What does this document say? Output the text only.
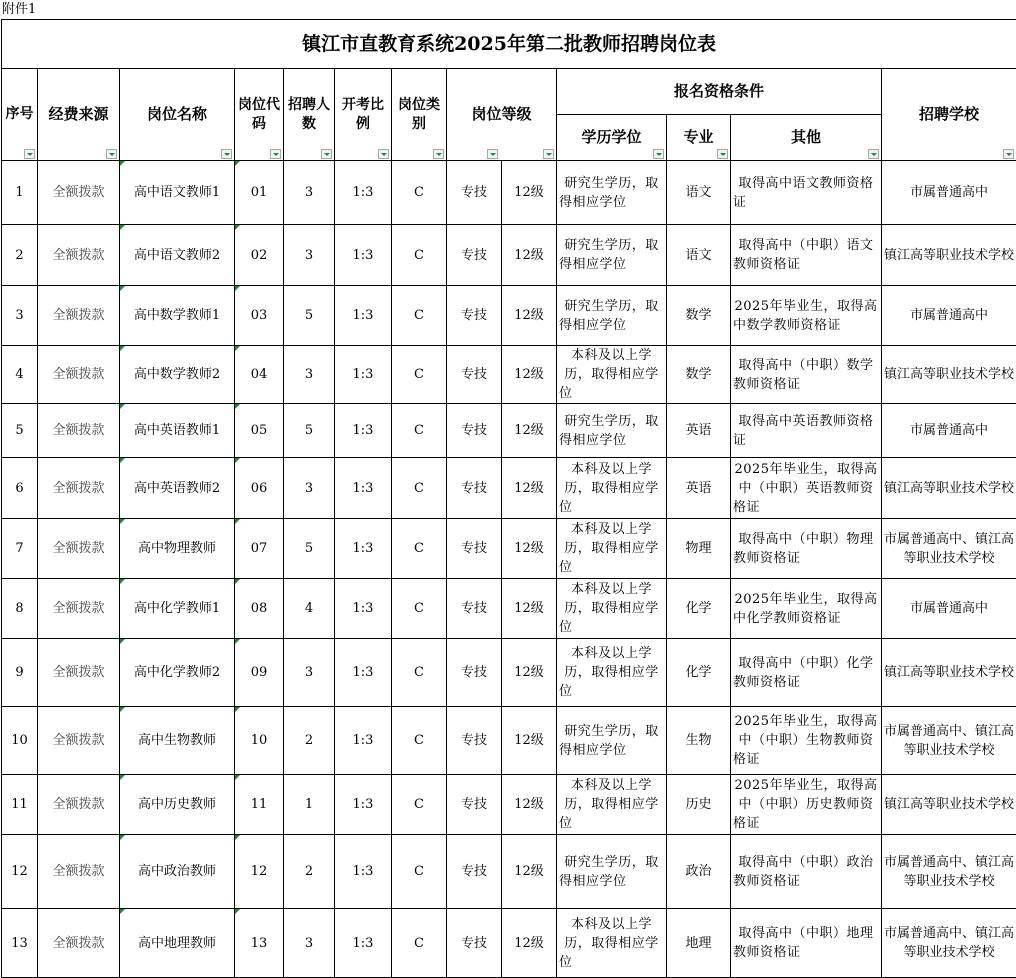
附件1
镇江市直教育系统2025年第二批教师招聘岗位表												
序号	经费来源	岗位名称	岗位代码	招聘人数	开考比例	岗位类别	岗位等级		报名资格条件			招聘学校

									学历学位	专业	其他	

1	全额拨款	高中语文教师1	01	3	1:3	C	专技	12级	研究生学历，取得相应学位	语文	取得高中语文教师资格证	市属普通高中

2	全额拨款	高中语文教师2	02	3	1:3	C	专技	12级	研究生学历，取得相应学位	语文	取得高中（中职）语文教师资格证	镇江高等职业技术学校

3	全额拨款	高中数学教师1	03	5	1:3	C	专技	12级	研究生学历，取得相应学位	数学	2025年毕业生，取得高中数学教师资格证	市属普通高中

4	全额拨款	高中数学教师2	04	3	1:3	C	专技	12级	本科及以上学历，取得相应学位	数学	取得高中（中职）数学教师资格证	镇江高等职业技术学校

5	全额拨款	高中英语教师1	05	5	1:3	C	专技	12级	研究生学历，取得相应学位	英语	取得高中英语教师资格证	市属普通高中

6	全额拨款	高中英语教师2	06	3	1:3	C	专技	12级	本科及以上学历，取得相应学位	英语	2025年毕业生，取得高中（中职）英语教师资格证	镇江高等职业技术学校

7	全额拨款	高中物理教师	07	5	1:3	C	专技	12级	本科及以上学历，取得相应学位	物理	取得高中（中职）物理教师资格证	市属普通高中、镇江高等职业技术学校

8	全额拨款	高中化学教师1	08	4	1:3	C	专技	12级	本科及以上学历，取得相应学位	化学	2025年毕业生，取得高中化学教师资格证	市属普通高中

9	全额拨款	高中化学教师2	09	3	1:3	C	专技	12级	本科及以上学历，取得相应学位	化学	取得高中（中职）化学教师资格证	镇江高等职业技术学校

10	全额拨款	高中生物教师	10	2	1:3	C	专技	12级	研究生学历，取得相应学位	生物	2025年毕业生，取得高中（中职）生物教师资格证	市属普通高中、镇江高等职业技术学校

11	全额拨款	高中历史教师	11	1	1:3	C	专技	12级	本科及以上学历，取得相应学位	历史	2025年毕业生，取得高中（中职）历史教师资格证	镇江高等职业技术学校

12	全额拨款	高中政治教师	12	2	1:3	C	专技	12级	研究生学历，取得相应学位	政治	取得高中（中职）政治教师资格证	市属普通高中、镇江高等职业技术学校

13	全额拨款	高中地理教师	13	3	1:3	C	专技	12级	本科及以上学历，取得相应学位	地理	取得高中（中职）地理教师资格证	市属普通高中、镇江高等职业技术学校
